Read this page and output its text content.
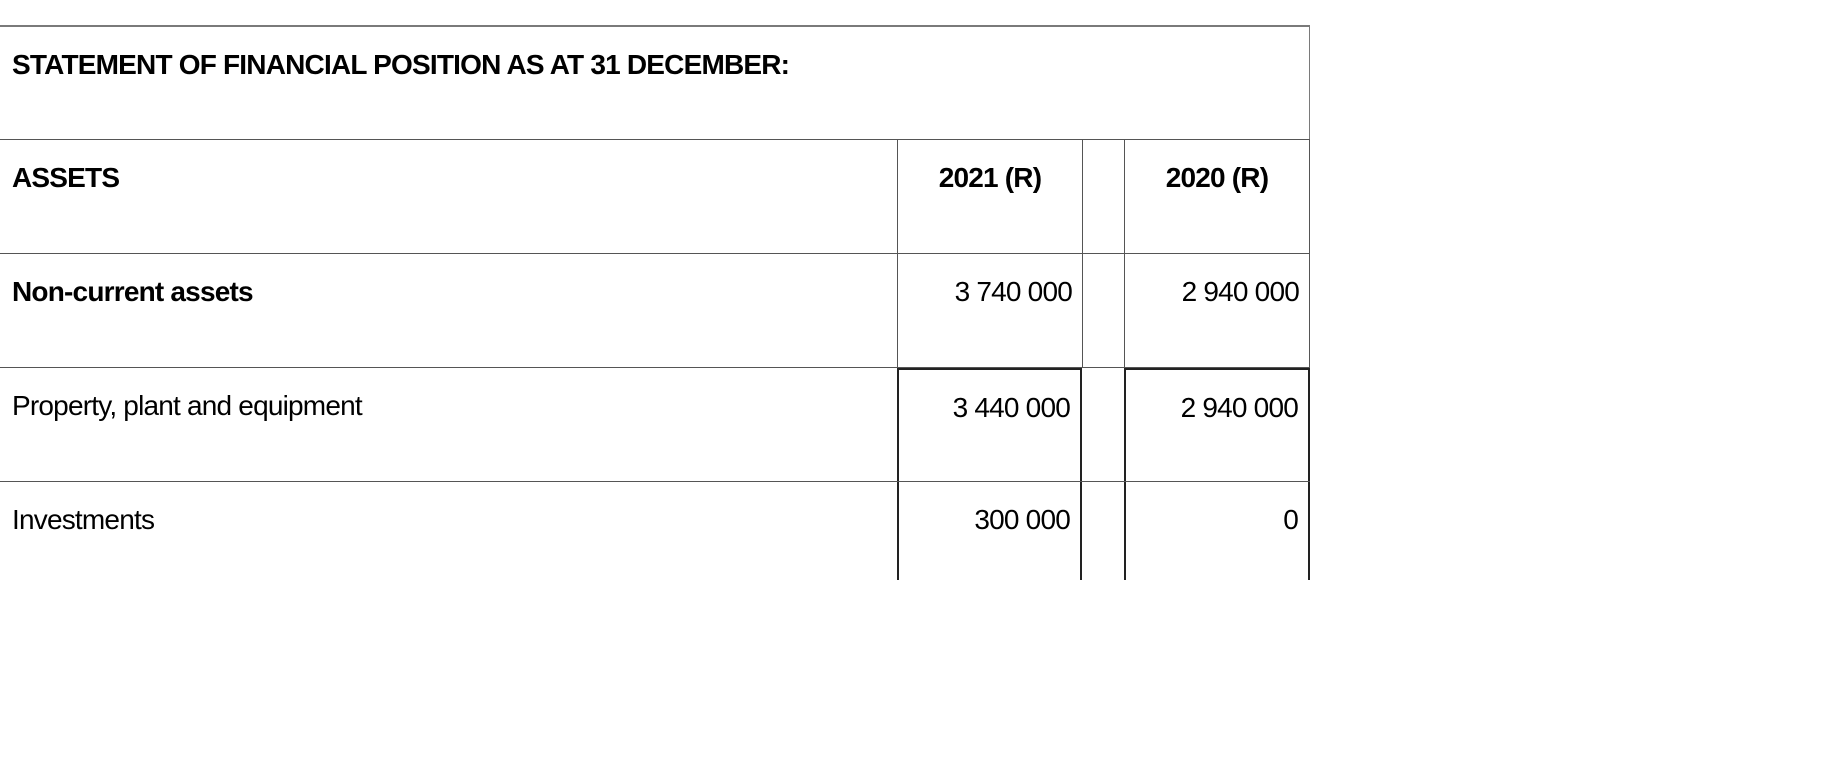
STATEMENT OF FINANCIAL POSITION AS AT 31 DECEMBER:
ASSETS	2021 (R)	2020 (R)
Non-current assets	3 740 000	2 940 000
Property, plant and equipment	3 440 000	2 940 000
Investments	300 000	0
